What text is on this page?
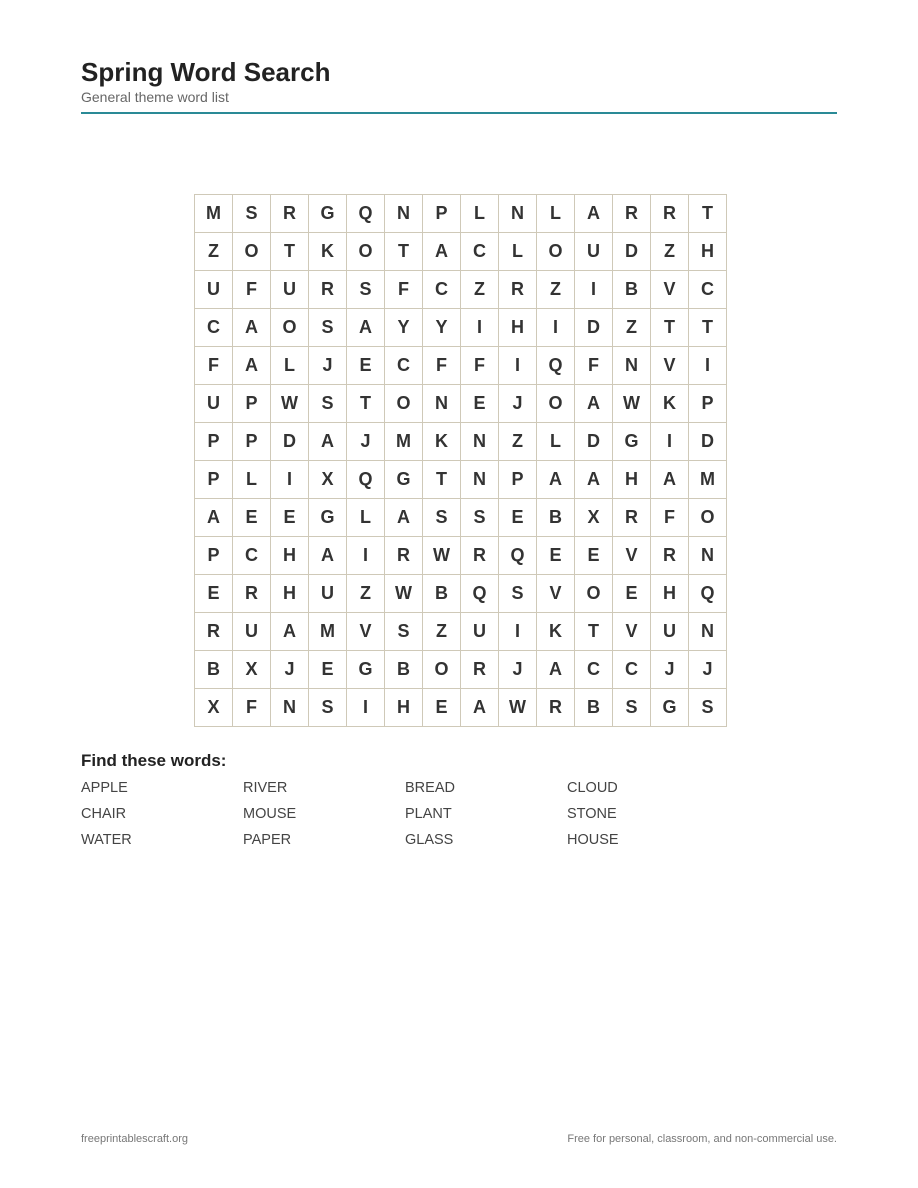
Spring Word Search
General theme word list
M	S	R	G	Q	N	P	L	N	L	A	R	R	T
Z	O	T	K	O	T	A	C	L	O	U	D	Z	H
U	F	U	R	S	F	C	Z	R	Z	I	B	V	C
C	A	O	S	A	Y	Y	I	H	I	D	Z	T	T
F	A	L	J	E	C	F	F	I	Q	F	N	V	I
U	P	W	S	T	O	N	E	J	O	A	W	K	P
P	P	D	A	J	M	K	N	Z	L	D	G	I	D
P	L	I	X	Q	G	T	N	P	A	A	H	A	M
A	E	E	G	L	A	S	S	E	B	X	R	F	O
P	C	H	A	I	R	W	R	Q	E	E	V	R	N
E	R	H	U	Z	W	B	Q	S	V	O	E	H	Q
R	U	A	M	V	S	Z	U	I	K	T	V	U	N
B	X	J	E	G	B	O	R	J	A	C	C	J	J
X	F	N	S	I	H	E	A	W	R	B	S	G	S
Find these words:
APPLE	RIVER	BREAD	CLOUD
CHAIR	MOUSE	PLANT	STONE
WATER	PAPER	GLASS	HOUSE
freeprintablescraft.org	Free for personal, classroom, and non-commercial use.
